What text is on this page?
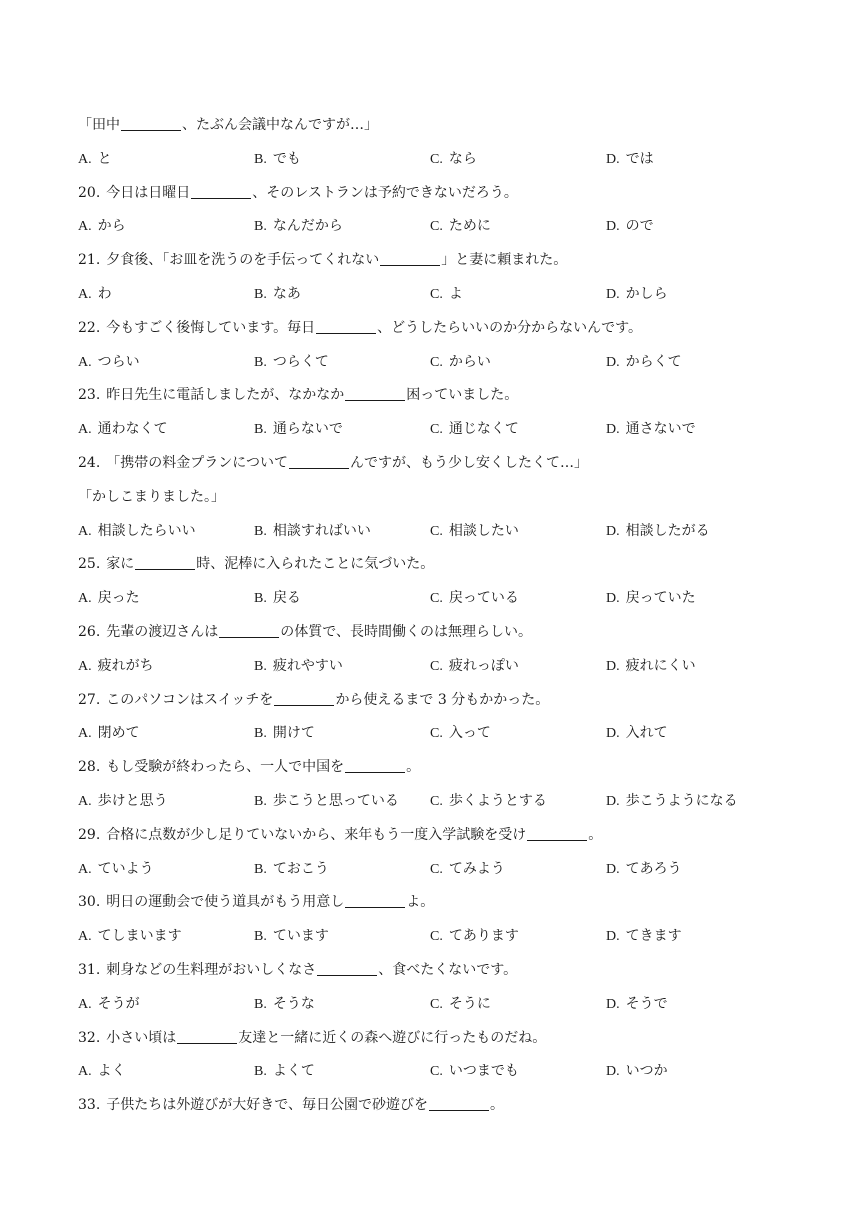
「田中	、たぶん会議中なんですが…」
A. と	B. でも	C. なら	D. では
20. 今日は日曜日	、そのレストランは予約できないだろう。
A. から	B. なんだから	C. ために	D. ので
21. 夕食後、「お皿を洗うのを手伝ってくれない	」と妻に頼まれた。
A. わ	B. なあ	C. よ	D. かしら
22. 今もすごく後悔しています。毎日	、どうしたらいいのか分からないんです。
A. つらい	B. つらくて	C. からい	D. からくて
23. 昨日先生に電話しましたが、なかなか	困っていました。
A. 通わなくて	B. 通らないで	C. 通じなくて	D. 通さないで
24. 「携帯の料金プランについて	んですが、もう少し安くしたくて…」
「かしこまりました。」
A. 相談したらいい	B. 相談すればいい	C. 相談したい	D. 相談したがる
25. 家に	時、泥棒に入られたことに気づいた。
A. 戻った	B. 戻る	C. 戻っている	D. 戻っていた
26. 先輩の渡辺さんは	の体質で、長時間働くのは無理らしい。
A. 疲れがち	B. 疲れやすい	C. 疲れっぽい	D. 疲れにくい
27. このパソコンはスイッチを	から使えるまで 3 分もかかった。
A. 閉めて	B. 開けて	C. 入って	D. 入れて
28. もし受験が終わったら、一人で中国を	。
A. 歩けと思う	B. 歩こうと思っている C. 歩くようとする	D. 歩こうようになる
29. 合格に点数が少し足りていないから、来年もう一度入学試験を受け	。
A. ていよう	B. ておこう	C. てみよう	D. てあろう
30. 明日の運動会で使う道具がもう用意し	よ。
A. てしまいます	B. ています	C. てあります	D. てきます
31. 刺身などの生料理がおいしくなさ	、食べたくないです。
A. そうが	B. そうな	C. そうに	D. そうで
32. 小さい頃は	友達と一緒に近くの森へ遊びに行ったものだね。
A. よく	B. よくて	C. いつまでも	D. いつか
33. 子供たちは外遊びが大好きで、毎日公園で砂遊びを	。
